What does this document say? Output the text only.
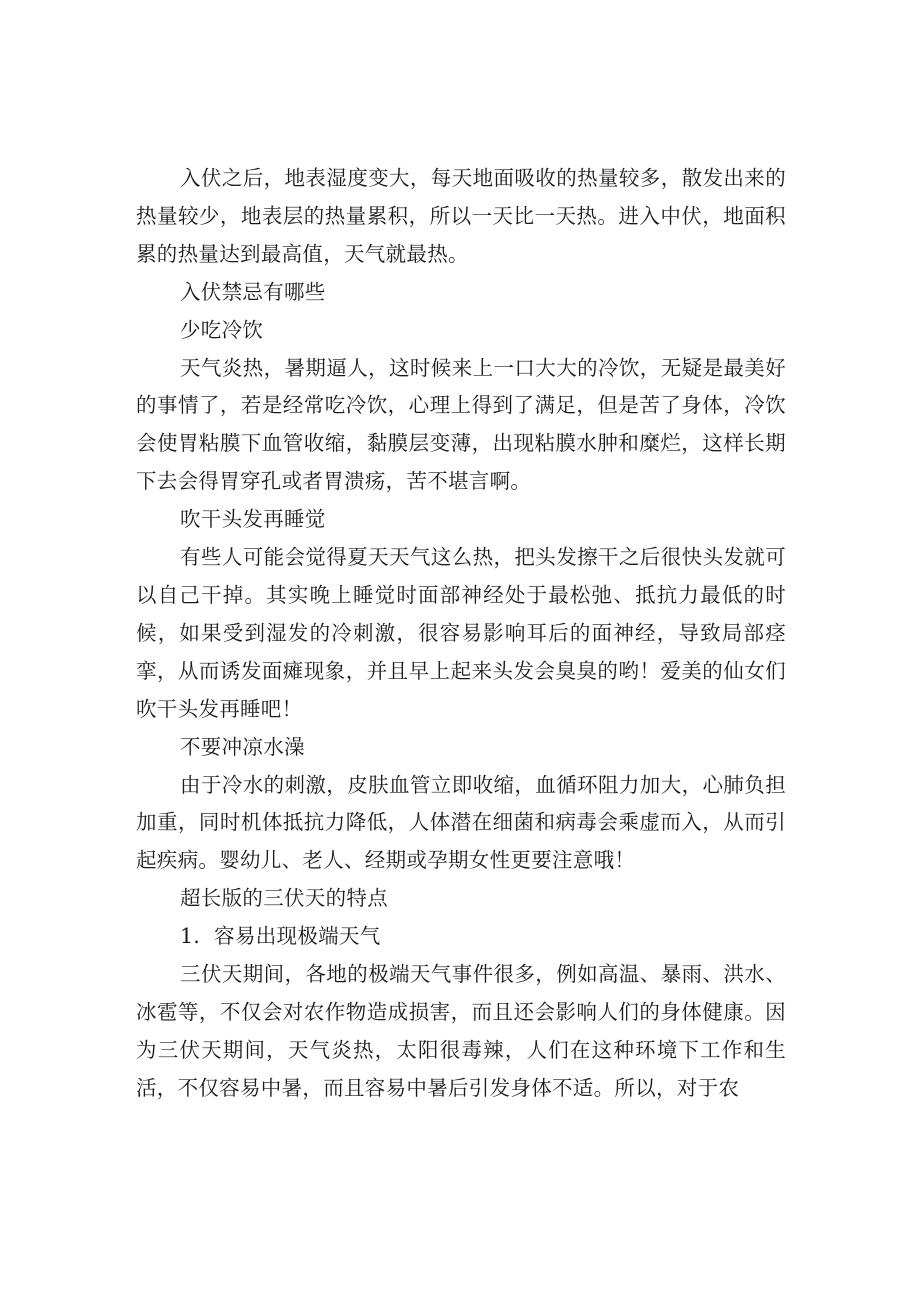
入伏之后，地表湿度变大，每天地面吸收的热量较多，散发出来的热量较少，地表层的热量累积，所以一天比一天热。进入中伏，地面积累的热量达到最高值，天气就最热。

入伏禁忌有哪些

少吃冷饮

天气炎热，暑期逼人，这时候来上一口大大的冷饮，无疑是最美好的事情了，若是经常吃冷饮，心理上得到了满足，但是苦了身体，冷饮会使胃粘膜下血管收缩，黏膜层变薄，出现粘膜水肿和糜烂，这样长期下去会得胃穿孔或者胃溃疡，苦不堪言啊。

吹干头发再睡觉

有些人可能会觉得夏天天气这么热，把头发擦干之后很快头发就可以自己干掉。其实晚上睡觉时面部神经处于最松弛、抵抗力最低的时候，如果受到湿发的冷刺激，很容易影响耳后的面神经，导致局部痉挛，从而诱发面瘫现象，并且早上起来头发会臭臭的哟！爱美的仙女们吹干头发再睡吧！

不要冲凉水澡

由于冷水的刺激，皮肤血管立即收缩，血循环阻力加大，心肺负担加重，同时机体抵抗力降低，人体潜在细菌和病毒会乘虚而入，从而引起疾病。婴幼儿、老人、经期或孕期女性更要注意哦！

超长版的三伏天的特点

1．容易出现极端天气

三伏天期间，各地的极端天气事件很多，例如高温、暴雨、洪水、冰雹等，不仅会对农作物造成损害，而且还会影响人们的身体健康。因为三伏天期间，天气炎热，太阳很毒辣，人们在这种环境下工作和生活，不仅容易中暑，而且容易中暑后引发身体不适。所以，对于农
